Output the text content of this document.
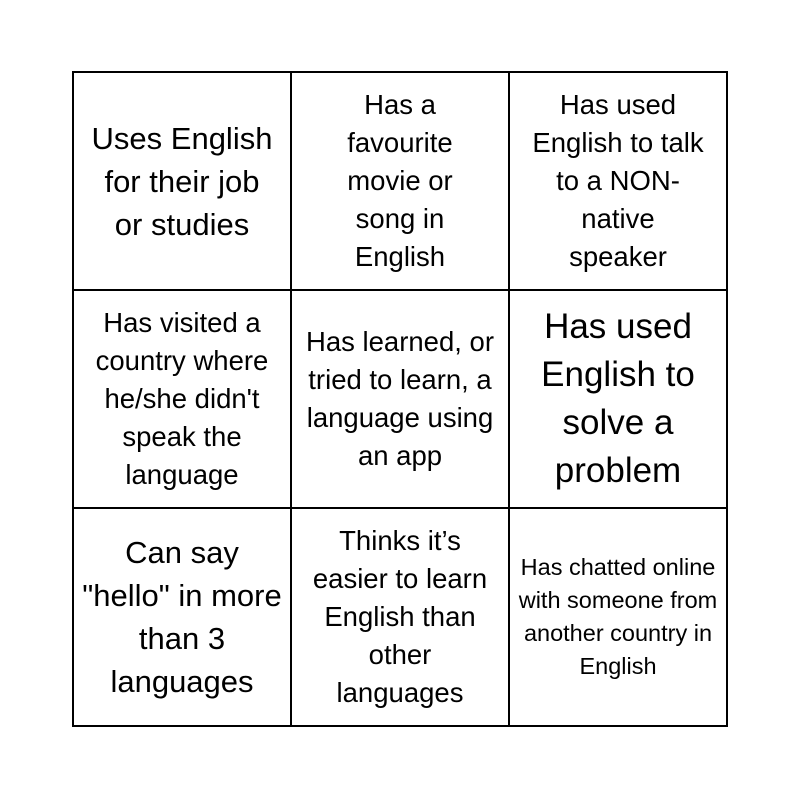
Uses English for their job or studies
Has a favourite movie or song in English
Has used English to talk to a NON-native speaker
Has visited a country where he/she didn't speak the language
Has learned, or tried to learn, a language using an app
Has used English to solve a problem
Can say "hello" in more than 3 languages
Thinks it’s easier to learn English than other languages
Has chatted online with someone from another country in English
